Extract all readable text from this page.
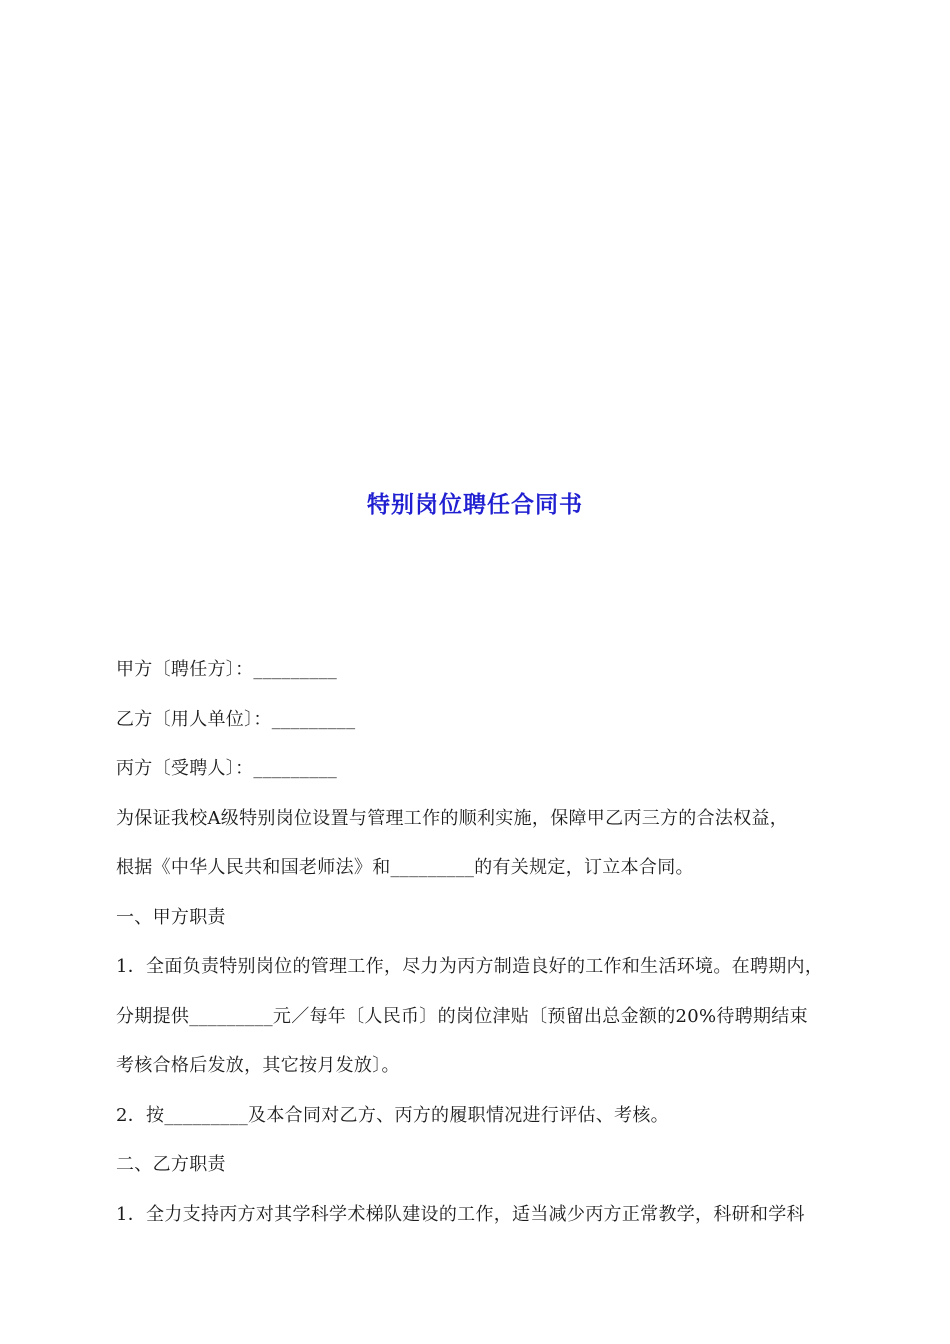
特别岗位聘任合同书
甲方〔聘任方〕：_________
乙方〔用人单位〕：_________
丙方〔受聘人〕：_________
为保证我校A级特别岗位设置与管理工作的顺利实施，保障甲乙丙三方的合法权益，
根据《中华人民共和国老师法》和_________的有关规定，订立本合同。
一、甲方职责
1．全面负责特别岗位的管理工作，尽力为丙方制造良好的工作和生活环境。在聘期内，
分期提供_________元／每年〔人民币〕的岗位津贴〔预留出总金额的20%待聘期结束
考核合格后发放，其它按月发放〕。
2．按_________及本合同对乙方、丙方的履职情况进行评估、考核。
二、乙方职责
1．全力支持丙方对其学科学术梯队建设的工作，适当减少丙方正常教学，科研和学科
